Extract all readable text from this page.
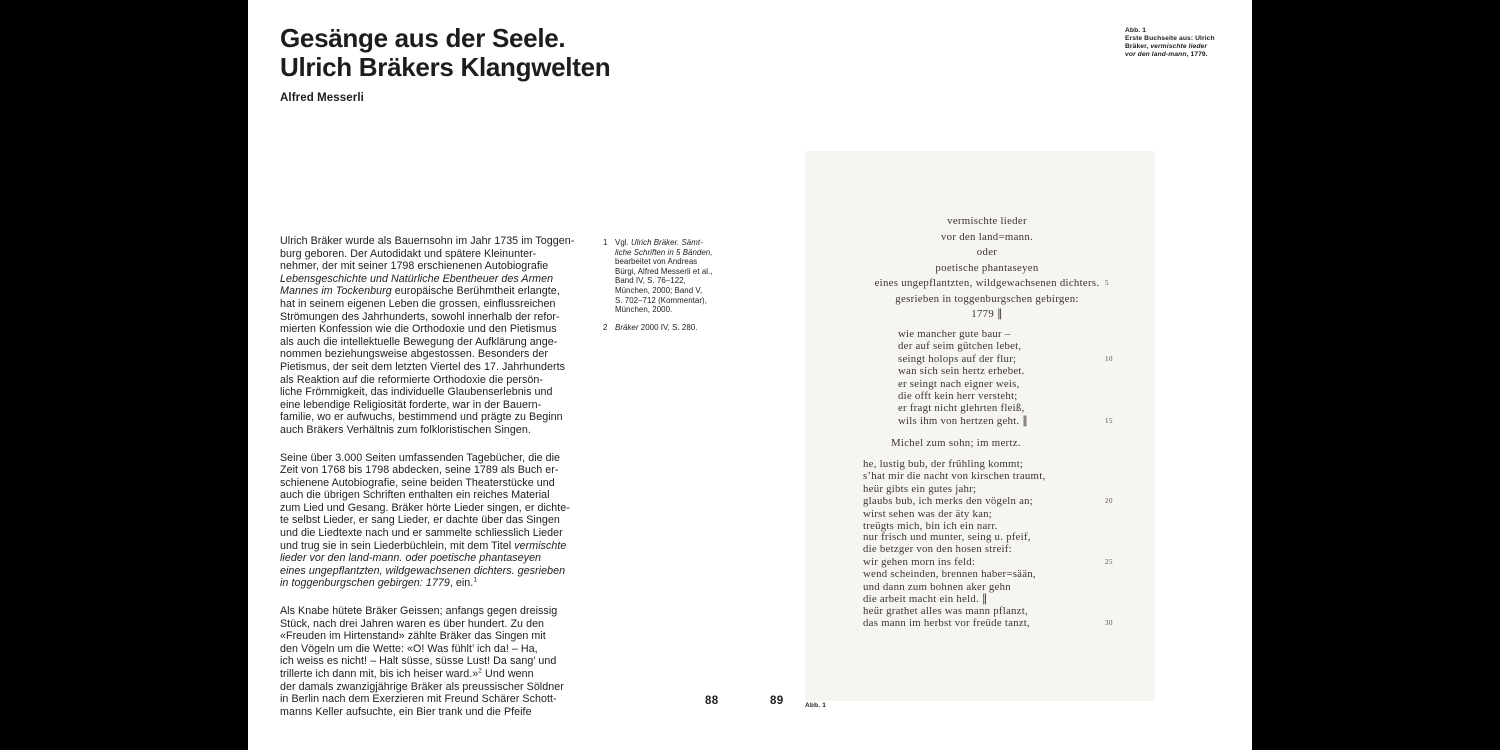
Gesänge aus der Seele.
Ulrich Bräkers Klangwelten
Alfred Messerli

Ulrich Bräker wurde als Bauernsohn im Jahr 1735 im Toggen-
burg geboren. Der Autodidakt und spätere Kleinunter-
nehmer, der mit seiner 1798 erschienenen Autobiografie
Lebensgeschichte und Natürliche Ebentheuer des Armen
Mannes im Tockenburg europäische Berühmtheit erlangte,
hat in seinem eigenen Leben die grossen, einflussreichen
Strömungen des Jahrhunderts, sowohl innerhalb der refor-
mierten Konfession wie die Orthodoxie und den Pietismus
als auch die intellektuelle Bewegung der Aufklärung ange-
nommen beziehungsweise abgestossen. Besonders der
Pietismus, der seit dem letzten Viertel des 17. Jahrhunderts
als Reaktion auf die reformierte Orthodoxie die persön-
liche Frömmigkeit, das individuelle Glaubenserlebnis und
eine lebendige Religiosität forderte, war in der Bauern-
familie, wo er aufwuchs, bestimmend und prägte zu Beginn
auch Bräkers Verhältnis zum folkloristischen Singen.

Seine über 3.000 Seiten umfassenden Tagebücher, die die
Zeit von 1768 bis 1798 abdecken, seine 1789 als Buch er-
schienene Autobiografie, seine beiden Theaterstücke und
auch die übrigen Schriften enthalten ein reiches Material
zum Lied und Gesang. Bräker hörte Lieder singen, er dichte-
te selbst Lieder, er sang Lieder, er dachte über das Singen
und die Liedtexte nach und er sammelte schliesslich Lieder
und trug sie in sein Liederbüchlein, mit dem Titel vermischte
lieder vor den land-mann. oder poetische phantaseyen
eines ungepflantzten, wildgewachsenen dichters. gesrieben
in toggenburgschen gebirgen: 1779, ein.$^1$

Als Knabe hütete Bräker Geissen; anfangs gegen dreissig
Stück, nach drei Jahren waren es über hundert. Zu den
«Freuden im Hirtenstand» zählte Bräker das Singen mit
den Vögeln um die Wette: «O! Was fühlt’ ich da! – Ha,
ich weiss es nicht! – Halt süsse, süsse Lust! Da sang’ und
trillerte ich dann mit, bis ich heiser ward.»$^2$ Und wenn
der damals zwanzigjährige Bräker als preussischer Söldner
in Berlin nach dem Exerzieren mit Freund Schärer Schott-
manns Keller aufsuchte, ein Bier trank und die Pfeife

1 Vgl. Ulrich Bräker. Sämt-
liche Schriften in 5 Bänden,
bearbeitet von Andreas
Bürgi, Alfred Messerli et al.,
Band IV, S. 76–122,
München, 2000; Band V,
S. 702–712 (Kommentar),
München, 2000.
2 Bräker 2000 IV, S. 280.
88	89
Abb. 1
Erste Buchseite aus: Ulrich
Bräker, vermischte lieder
vor den land-mann, 1779.
vermischte lieder
vor den land=mann.
oder
poetische phantaseyen
eines ungepflantzten, wildgewachsenen dichters.
gesrieben in toggenburgschen gebirgen:
1779 ∥
wie mancher gute baur –
der auf seim gütchen lebet,
seingt holops auf der flur;
wan sich sein hertz erhebet.
er seingt nach eigner weis,
die offt kein herr versteht;
er fragt nicht glehrten fleiß,
wils ihm von hertzen geht. ∥
Michel zum sohn; im mertz.
he, lustig bub, der frühling kommt;
s’hat mir die nacht von kirschen traumt,
heür gibts ein gutes jahr;
glaubs bub, ich merks den vögeln an;
wirst sehen was der äty kan;
treügts mich, bin ich ein narr.
nur frisch und munter, seing u. pfeif,
die betzger von den hosen streif:
wir gehen morn ins feld:
wend scheinden, brennen haber=sään,
und dann zum bohnen aker gehn
die arbeit macht ein held. ∥
heür grathet alles was mann pflanzt,
das mann im herbst vor freüde tanzt,
5
10
15
20
25
30
Abb. 1
